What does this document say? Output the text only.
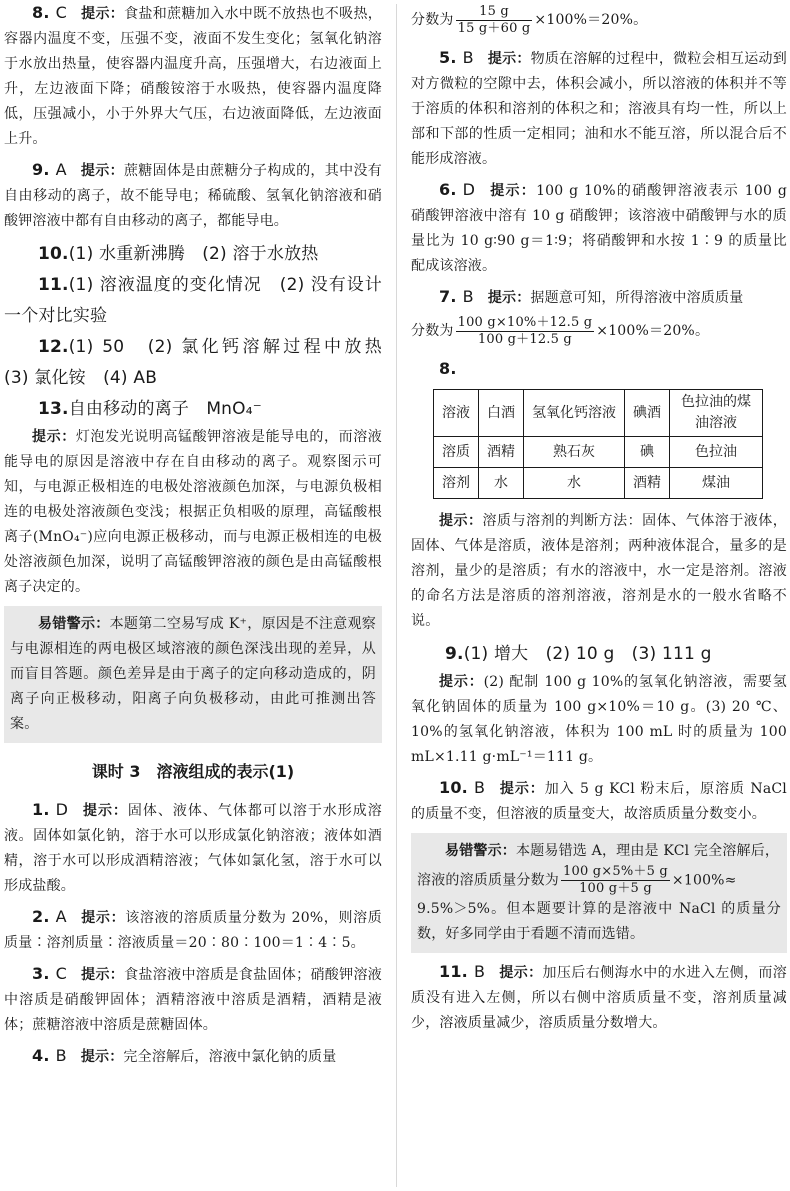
8. C 提示：食盐和蔗糖加入水中既不放热也不吸热，容器内温度不变，压强不变，液面不发生变化；氢氧化钠溶于水放出热量，使容器内温度升高，压强增大，右边液面上升，左边液面下降；硝酸铵溶于水吸热，使容器内温度降低，压强减小，小于外界大气压，右边液面降低，左边液面上升。

9. A 提示：蔗糖固体是由蔗糖分子构成的，其中没有自由移动的离子，故不能导电；稀硫酸、氢氧化钠溶液和硝酸钾溶液中都有自由移动的离子，都能导电。

10.(1) 水重新沸腾　(2) 溶于水放热

11.(1) 溶液温度的变化情况　(2) 没有设计一个对比实验

12.(1) 50　(2) 氯化钙溶解过程中放热　(3) 氯化铵　(4) AB

13.自由移动的离子　MnO₄⁻

提示：灯泡发光说明高锰酸钾溶液是能导电的，而溶液能导电的原因是溶液中存在自由移动的离子。观察图示可知，与电源正极相连的电极处溶液颜色加深，与电源负极相连的电极处溶液颜色变浅；根据正负相吸的原理，高锰酸根离子(MnO₄⁻)应向电源正极移动，而与电源正极相连的电极处溶液颜色加深，说明了高锰酸钾溶液的颜色是由高锰酸根离子决定的。

易错警示：本题第二空易写成 K⁺，原因是不注意观察与电源相连的两电极区域溶液的颜色深浅出现的差异，从而盲目答题。颜色差异是由于离子的定向移动造成的，阴离子向正极移动，阳离子向负极移动，由此可推测出答案。

课时 3　溶液组成的表示(1)

1. D 提示：固体、液体、气体都可以溶于水形成溶液。固体如氯化钠，溶于水可以形成氯化钠溶液；液体如酒精，溶于水可以形成酒精溶液；气体如氯化氢，溶于水可以形成盐酸。

2. A 提示：该溶液的溶质质量分数为 20%，则溶质质量∶溶剂质量∶溶液质量＝20∶80∶100＝1∶4∶5。

3. C 提示：食盐溶液中溶质是食盐固体；硝酸钾溶液中溶质是硝酸钾固体；酒精溶液中溶质是酒精，酒精是液体；蔗糖溶液中溶质是蔗糖固体。

4. B 提示：完全溶解后，溶液中氯化钠的质量

分数为 $\frac{15 g}{15 g+60 g} \times 100\%=20\%$。

5. B 提示：物质在溶解的过程中，微粒会相互运动到对方微粒的空隙中去，体积会减小，所以溶液的体积并不等于溶质的体积和溶剂的体积之和；溶液具有均一性，所以上部和下部的性质一定相同；油和水不能互溶，所以混合后不能形成溶液。

6. D 提示：100 g 10%的硝酸钾溶液表示 100 g 硝酸钾溶液中溶有 10 g 硝酸钾；该溶液中硝酸钾与水的质量比为 10 g∶90 g＝1∶9；将硝酸钾和水按 1∶9 的质量比配成该溶液。

7. B 提示：据题意可知，所得溶液中溶质质量

分数为 $\frac{100 g\times 10\%+12.5 g}{100 g+12.5 g} \times 100\%=20\%$。

8.

溶液	白酒	氢氧化钙溶液	碘酒	色拉油的煤油溶液
溶质	酒精	熟石灰	碘	色拉油
溶剂	水	水	酒精	煤油

提示：溶质与溶剂的判断方法：固体、气体溶于液体，固体、气体是溶质，液体是溶剂；两种液体混合，量多的是溶剂，量少的是溶质；有水的溶液中，水一定是溶剂。溶液的命名方法是溶质的溶剂溶液，溶剂是水的一般水省略不说。

9.(1) 增大　(2) 10 g　(3) 111 g

提示：(2) 配制 100 g 10%的氢氧化钠溶液，需要氢氧化钠固体的质量为 100 g×10%＝10 g。(3) 20 ℃、10%的氢氧化钠溶液，体积为 100 mL 时的质量为 100 mL×1.11 g·mL⁻¹＝111 g。

10. B 提示：加入 5 g KCl 粉末后，原溶质 NaCl 的质量不变，但溶液的质量变大，故溶质质量分数变小。

易错警示：本题易错选 A，理由是 KCl 完全溶解后，

溶液的溶质质量分数为 $\frac{100 g\times 5\%+5 g}{100 g+5 g} \times 100\%\approx$

9.5%＞5%。但本题要计算的是溶液中 NaCl 的质量分数，好多同学由于看题不清而选错。

11. B 提示：加压后右侧海水中的水进入左侧，而溶质没有进入左侧，所以右侧中溶质质量不变，溶剂质量减少，溶液质量减少，溶质质量分数增大。
